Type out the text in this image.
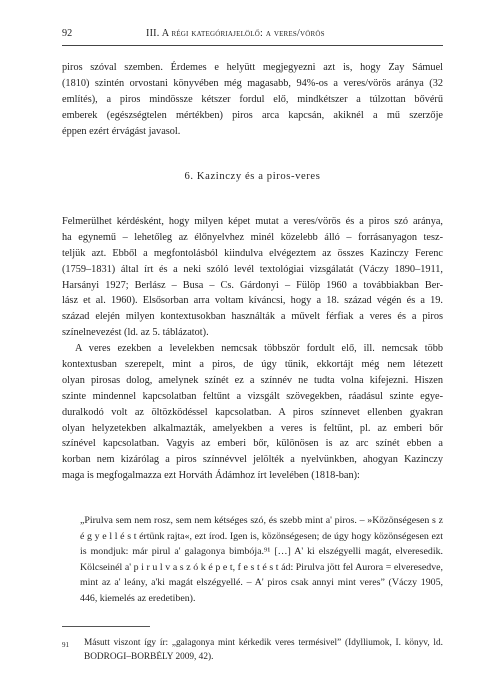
92	III. A régi kategóriajelölő: a veres/vörös
piros szóval szemben. Érdemes e helyütt megjegyezni azt is, hogy Zay Sámuel
(1810) szintén orvostani könyvében még magasabb, 94%-os a veres/vörös aránya (32
említés), a piros mindössze kétszer fordul elő, mindkétszer a túlzottan bővérű
emberek (egészségtelen mértékben) piros arca kapcsán, akiknél a mű szerzője
éppen ezért érvágást javasol.
6. Kazinczy és a piros-veres
Felmerülhet kérdésként, hogy milyen képet mutat a veres/vörös és a piros szó aránya,
ha egynemű – lehetőleg az élőnyelvhez minél közelebb álló – forrásanyagon tesz-
teljük azt. Ebből a megfontolásból kiindulva elvégeztem az összes Kazinczy Ferenc
(1759–1831) által írt és a neki szóló levél textológiai vizsgálatát (Váczy 1890–1911,
Harsányi 1927; Berlász – Busa – Cs. Gárdonyi – Fülöp 1960 a továbbiakban Ber-
lász et al. 1960). Elsősorban arra voltam kíváncsi, hogy a 18. század végén és a 19.
század elején milyen kontextusokban használták a művelt férfiak a veres és a piros
színelnevezést (ld. az 5. táblázatot).
A veres ezekben a levelekben nemcsak többször fordult elő, ill. nemcsak több
kontextusban szerepelt, mint a piros, de úgy tűnik, ekkortájt még nem létezett
olyan pirosas dolog, amelynek színét ez a színnév ne tudta volna kifejezni. Hiszen
szinte mindennel kapcsolatban feltűnt a vizsgált szövegekben, ráadásul szinte egye-
duralkodó volt az öltözködéssel kapcsolatban. A piros színnevet ellenben gyakran
olyan helyzetekben alkalmazták, amelyekben a veres is feltűnt, pl. az emberi bőr
színével kapcsolatban. Vagyis az emberi bőr, különösen is az arc színét ebben a
korban nem kizárólag a piros színnévvel jelölték a nyelvünkben, ahogyan Kazinczy
maga is megfogalmazza ezt Horváth Ádámhoz írt levelében (1818-ban):
„Pirulva sem nem rosz, sem nem kétséges szó, és szebb mint a' piros. – »Közönségesen s z
é g y e l l é s t értünk rajta«, ezt írod. Igen is, közönségesen; de úgy hogy közönségesen ezt
is mondjuk: már pirul a' galagonya bimbója.⁹¹ […] A' ki elszégyelli magát, elveresedik.
Kölcseinél a' p i r u l v a s z ó k é p e t, f e s t é s t ád: Pirulva jött fel Aurora = elveresedve,
mint az a' leány, a'ki magát elszégyellé. – A' piros csak annyi mint veres” (Váczy 1905,
446, kiemelés az eredetiben).
91 Másutt viszont így ír: „galagonya mint kérkedik veres termésivel” (Idylliumok, I. könyv, ld.
BODROGI–BORBÉLY 2009, 42).
